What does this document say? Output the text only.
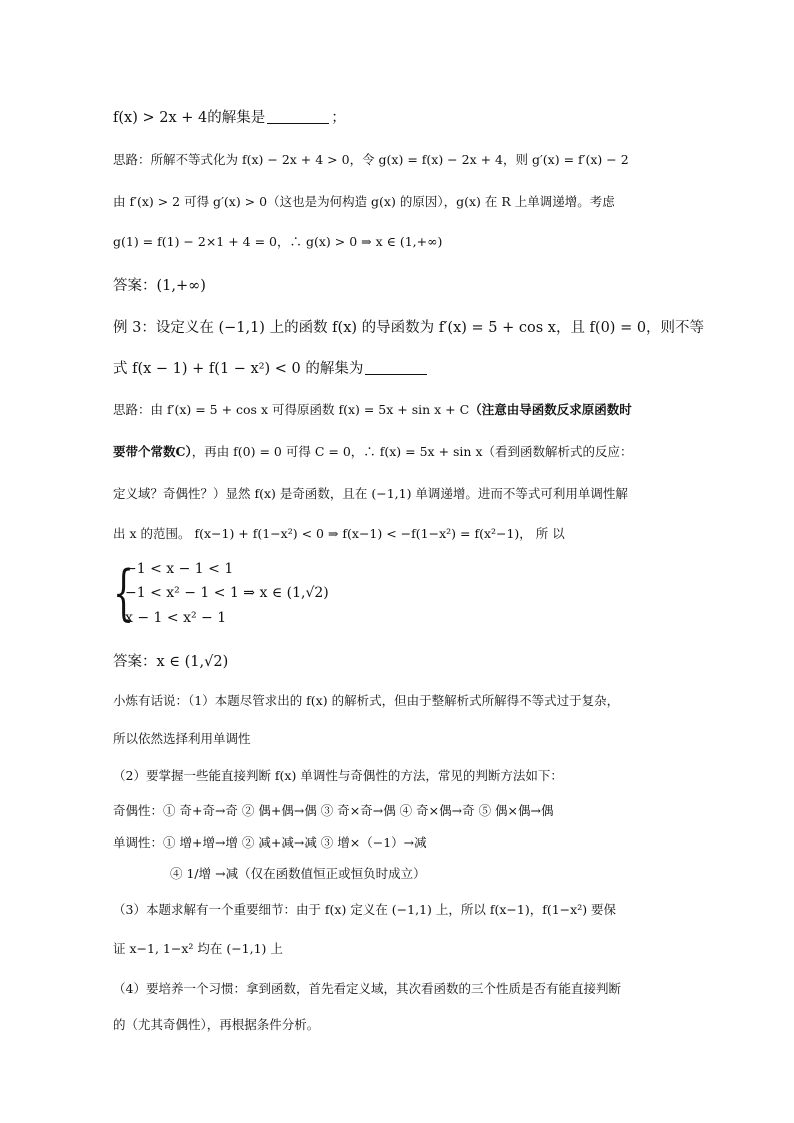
f(x) > 2x + 4的解集是	；
思路：所解不等式化为 f(x) − 2x + 4 > 0，令 g(x) = f(x) − 2x + 4，则 g′(x) = f′(x) − 2
由 f′(x) > 2 可得 g′(x) > 0（这也是为何构造 g(x) 的原因），g(x) 在 R 上单调递增。考虑
g(1) = f(1) − 2×1 + 4 = 0，∴ g(x) > 0 ⇒ x ∈ (1,+∞)
答案：(1,+∞)
例 3：设定义在 (−1,1) 上的函数 f(x) 的导函数为 f′(x) = 5 + cos x，且 f(0) = 0，则不等
式 f(x − 1) + f(1 − x²) < 0 的解集为
思路：由 f′(x) = 5 + cos x 可得原函数 f(x) = 5x + sin x + C（注意由导函数反求原函数时
要带个常数C），再由 f(0) = 0 可得 C = 0，∴ f(x) = 5x + sin x（看到函数解析式的反应：
定义域？奇偶性？）显然 f(x) 是奇函数，且在 (−1,1) 单调递增。进而不等式可利用单调性解
出 x 的范围。 f(x−1) + f(1−x²) < 0 ⇒ f(x−1) < −f(1−x²) = f(x²−1)， 所 以
{
−1 < x − 1 < 1
−1 < x² − 1 < 1 ⇒ x ∈ (1,√2)
x − 1 < x² − 1
答案：x ∈ (1,√2)
小炼有话说：（1）本题尽管求出的 f(x) 的解析式，但由于整解析式所解得不等式过于复杂，
所以依然选择利用单调性
（2）要掌握一些能直接判断 f(x) 单调性与奇偶性的方法，常见的判断方法如下：
奇偶性：① 奇+奇→奇 ② 偶+偶→偶 ③ 奇×奇→偶 ④ 奇×偶→奇 ⑤ 偶×偶→偶
单调性：① 增+增→增 ② 减+减→减 ③ 增×（−1）→减
④ 1/增 →减（仅在函数值恒正或恒负时成立）
（3）本题求解有一个重要细节：由于 f(x) 定义在 (−1,1) 上，所以 f(x−1)，f(1−x²) 要保
证 x−1, 1−x² 均在 (−1,1) 上
（4）要培养一个习惯：拿到函数，首先看定义域，其次看函数的三个性质是否有能直接判断
的（尤其奇偶性），再根据条件分析。
